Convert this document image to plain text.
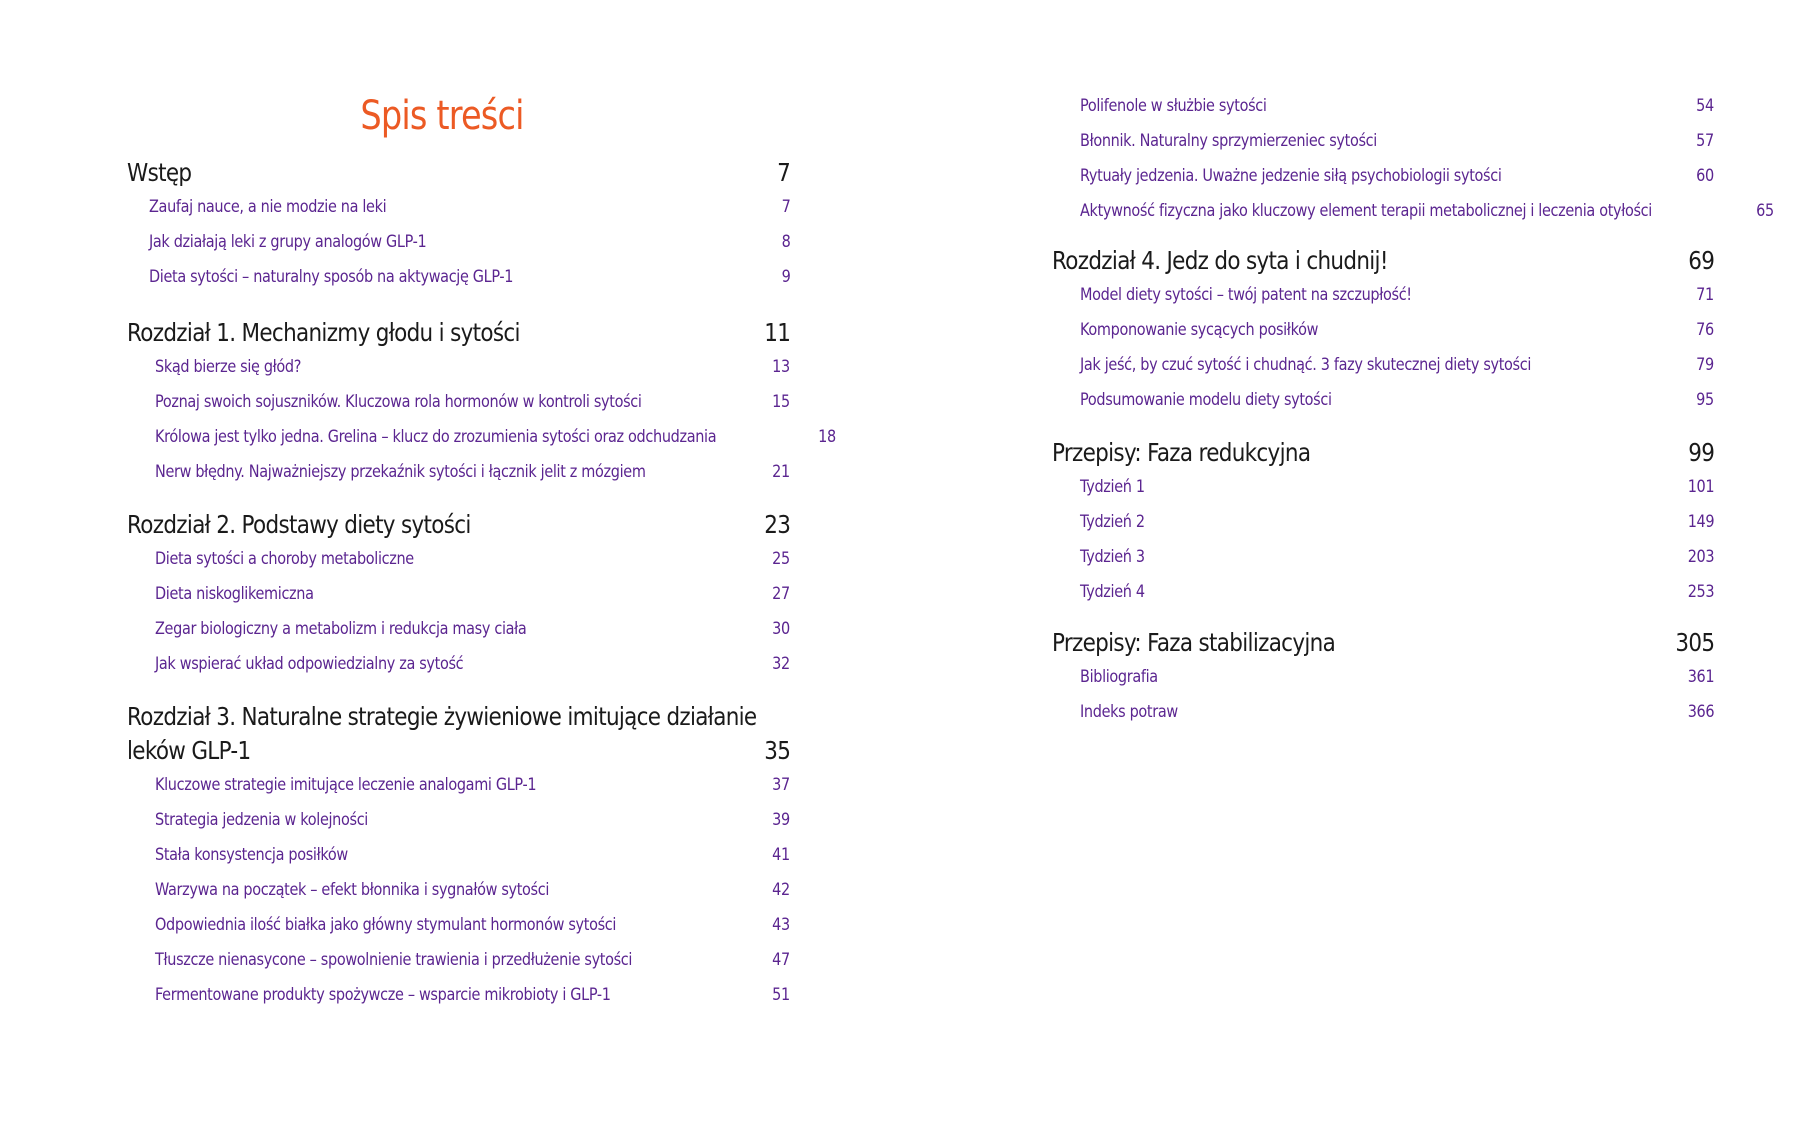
Spis treści
Wstęp	7
Zaufaj nauce, a nie modzie na leki	7
Jak działają leki z grupy analogów GLP-1	8
Dieta sytości – naturalny sposób na aktywację GLP-1	9
Rozdział 1. Mechanizmy głodu i sytości	11
Skąd bierze się głód?	13
Poznaj swoich sojuszników. Kluczowa rola hormonów w kontroli sytości	15
Królowa jest tylko jedna. Grelina – klucz do zrozumienia sytości oraz odchudzania	18
Nerw błędny. Najważniejszy przekaźnik sytości i łącznik jelit z mózgiem	21
Rozdział 2. Podstawy diety sytości	23
Dieta sytości a choroby metaboliczne	25
Dieta niskoglikemiczna	27
Zegar biologiczny a metabolizm i redukcja masy ciała	30
Jak wspierać układ odpowiedzialny za sytość	32
Rozdział 3. Naturalne strategie żywieniowe imitujące działanie
leków GLP-1	35
Kluczowe strategie imitujące leczenie analogami GLP-1	37
Strategia jedzenia w kolejności	39
Stała konsystencja posiłków	41
Warzywa na początek – efekt błonnika i sygnałów sytości	42
Odpowiednia ilość białka jako główny stymulant hormonów sytości	43
Tłuszcze nienasycone – spowolnienie trawienia i przedłużenie sytości	47
Fermentowane produkty spożywcze – wsparcie mikrobioty i GLP-1	51
Polifenole w służbie sytości	54
Błonnik. Naturalny sprzymierzeniec sytości	57
Rytuały jedzenia. Uważne jedzenie siłą psychobiologii sytości	60
Aktywność fizyczna jako kluczowy element terapii metabolicznej i leczenia otyłości	65
Rozdział 4. Jedz do syta i chudnij!	69
Model diety sytości – twój patent na szczupłość!	71
Komponowanie sycących posiłków	76
Jak jeść, by czuć sytość i chudnąć. 3 fazy skutecznej diety sytości	79
Podsumowanie modelu diety sytości	95
Przepisy: Faza redukcyjna	99
Tydzień 1	101
Tydzień 2	149
Tydzień 3	203
Tydzień 4	253
Przepisy: Faza stabilizacyjna	305
Bibliografia	361
Indeks potraw	366
